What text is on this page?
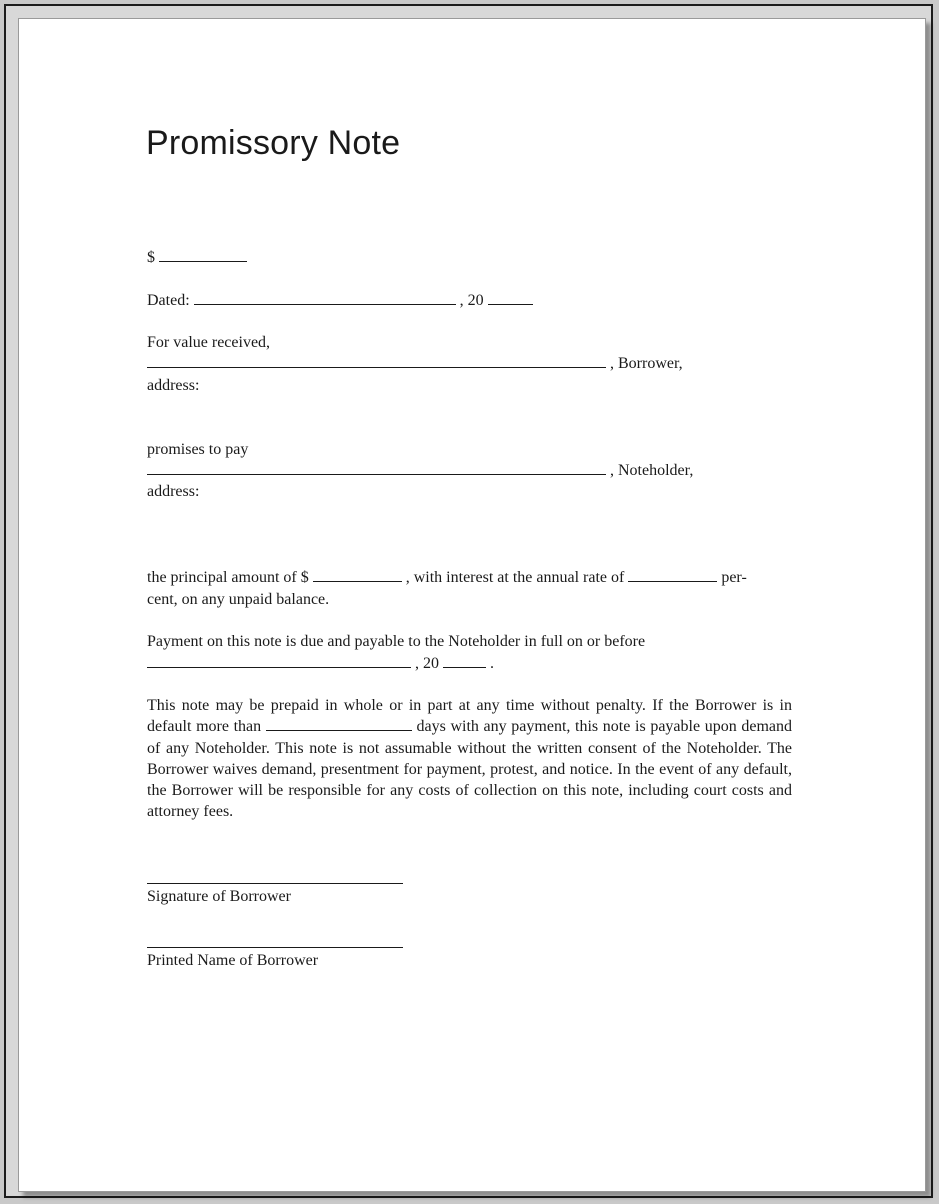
Promissory Note
$
Dated:	, 20
For value received,
, Borrower,
address:
promises to pay
, Noteholder,
address:
the principal amount of $	, with interest at the annual rate of	per-
cent, on any unpaid balance.
Payment on this note is due and payable to the Noteholder in full on or before
, 20	.
This note may be prepaid in whole or in part at any time without penalty. If the Borrower is in default more than	days with any payment, this note is payable upon demand of any Noteholder. This note is not assumable without the written consent of the Noteholder. The Borrower waives demand, presentment for payment, protest, and notice. In the event of any default, the Borrower will be responsible for any costs of collection on this note, including court costs and attorney fees.
Signature of Borrower
Printed Name of Borrower
